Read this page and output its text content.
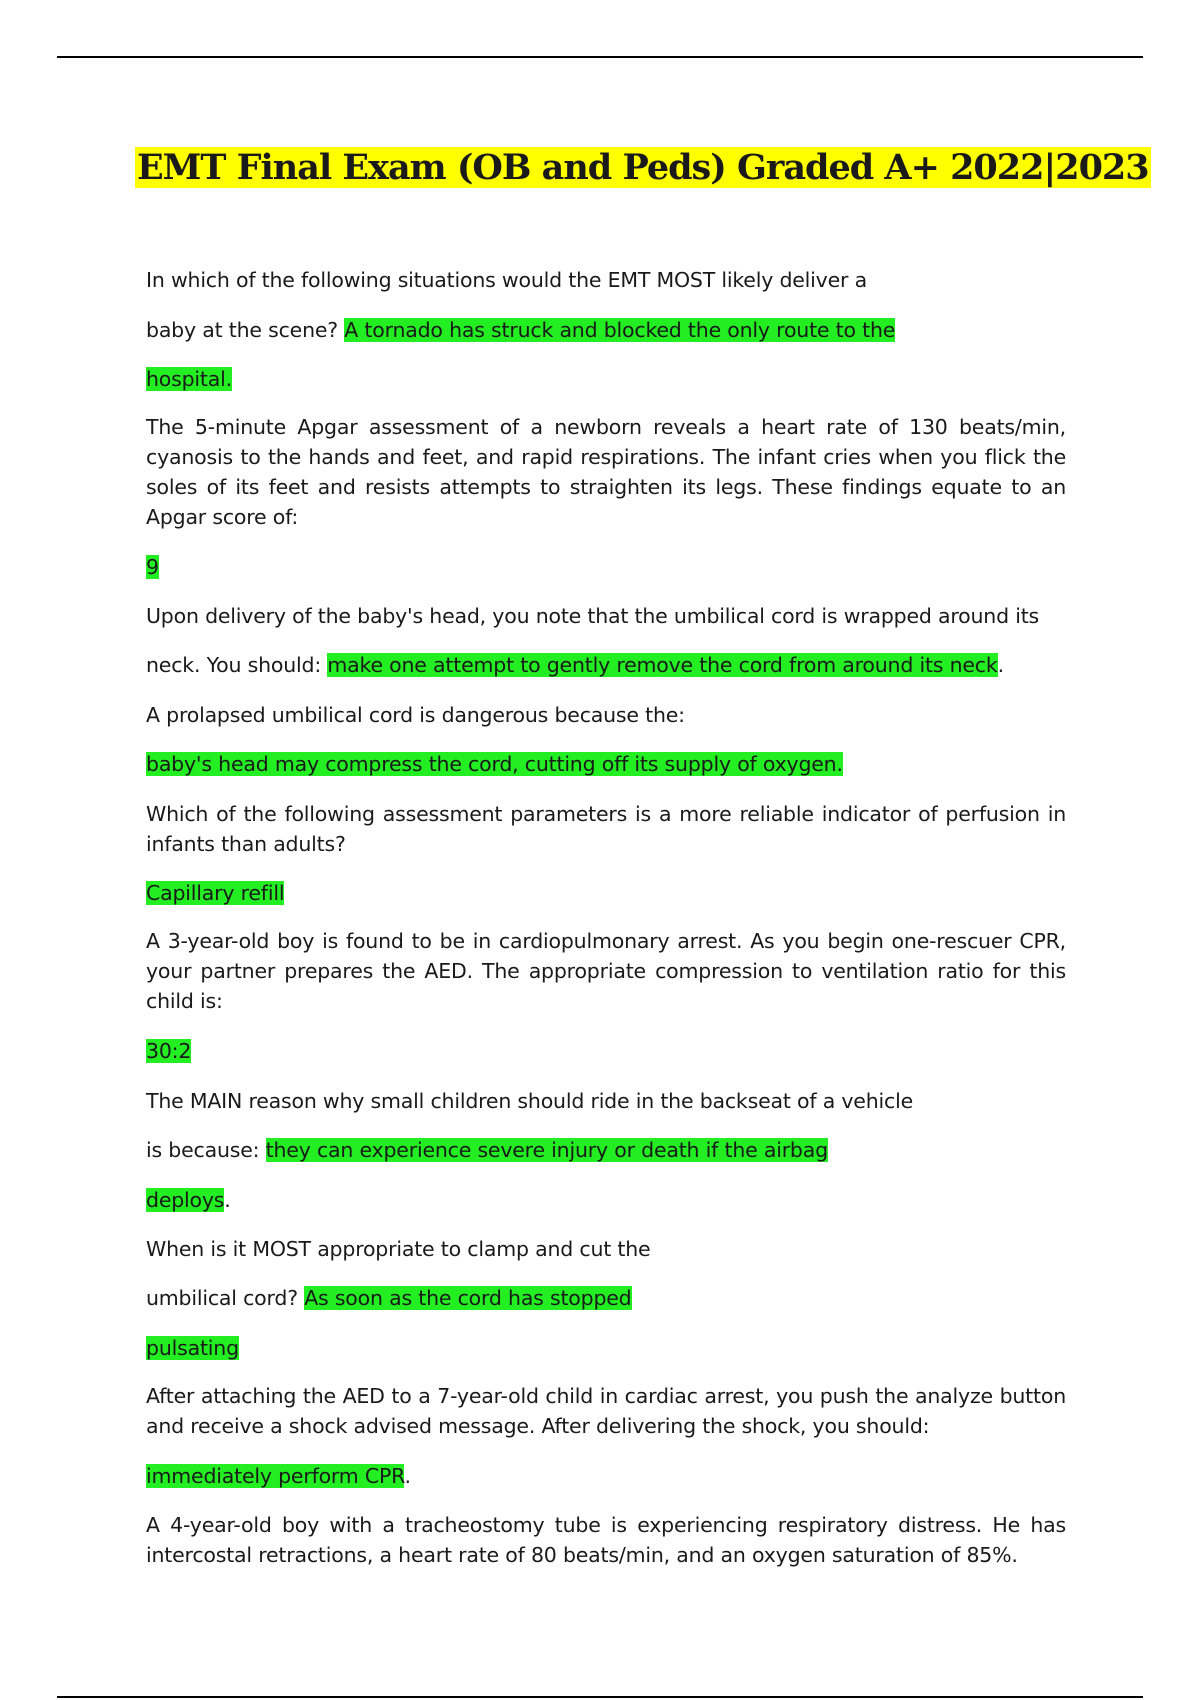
EMT Final Exam (OB and Peds) Graded A+ 2022|2023

In which of the following situations would the EMT MOST likely deliver a

baby at the scene? A tornado has struck and blocked the only route to the

hospital.

The 5-minute Apgar assessment of a newborn reveals a heart rate of 130 beats/min, cyanosis to the hands and feet, and rapid respirations. The infant cries when you flick the soles of its feet and resists attempts to straighten its legs. These findings equate to an Apgar score of:

9

Upon delivery of the baby's head, you note that the umbilical cord is wrapped around its

neck. You should: make one attempt to gently remove the cord from around its neck.

A prolapsed umbilical cord is dangerous because the:

baby's head may compress the cord, cutting off its supply of oxygen.

Which of the following assessment parameters is a more reliable indicator of perfusion in infants than adults?

Capillary refill

A 3-year-old boy is found to be in cardiopulmonary arrest. As you begin one-rescuer CPR, your partner prepares the AED. The appropriate compression to ventilation ratio for this child is:

30:2

The MAIN reason why small children should ride in the backseat of a vehicle

is because: they can experience severe injury or death if the airbag

deploys.

When is it MOST appropriate to clamp and cut the

umbilical cord? As soon as the cord has stopped

pulsating

After attaching the AED to a 7-year-old child in cardiac arrest, you push the analyze button and receive a shock advised message. After delivering the shock, you should:

immediately perform CPR.

A 4-year-old boy with a tracheostomy tube is experiencing respiratory distress. He has intercostal retractions, a heart rate of 80 beats/min, and an oxygen saturation of 85%.
